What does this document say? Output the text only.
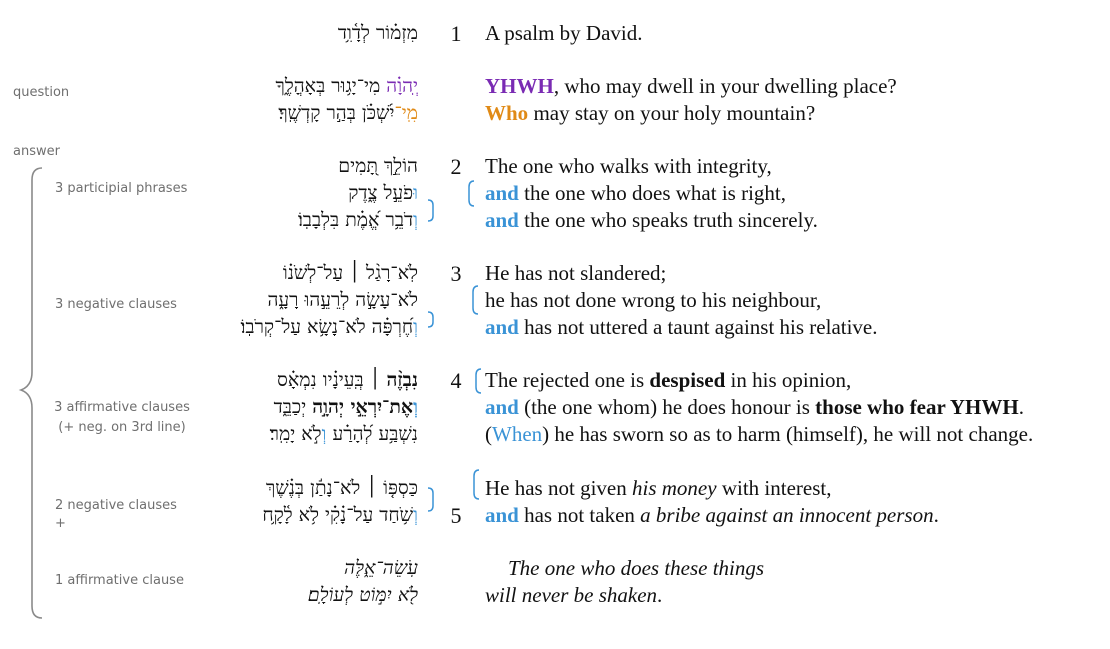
question
answer
3 participial phrases
3 negative clauses
3 affirmative clauses
(+ neg. on 3rd line)
2 negative clauses
+
1 affirmative clause
מִזְמ֗וֹר לְדָ֫וִ֥ד 1 A psalm by David.
יְֽהוָ֗ה מִי־יָג֥וּר בְּאָהֳלֶ֑ךָ
מִֽי־יִ֝שְׁכֹּ֗ן בְּהַ֣ר קָדְשֶֽׁךָ׃
YHWH, who may dwell in your dwelling place?
Who may stay on your holy mountain?
הוֹלֵ֣ךְ תָּ֭מִים
וּפֹעֵ֣ל צֶ֑דֶק
וְדֹבֵ֥ר אֱ֝מֶ֗ת בִּלְבָבֽוֹ׃
2 The one who walks with integrity,
and the one who does what is right,
and the one who speaks truth sincerely.
לֹֽא־רָגַ֨ל ׀ עַל־לְשֹׁנ֗וֹ
לֹא־עָשָׂ֣ה לְרֵעֵ֣הוּ רָעָ֑ה
וְחֶ֝רְפָּ֗ה לֹא־נָשָׂ֥א עַל־קְרֹבֽוֹ׃
3 He has not slandered;
he has not done wrong to his neighbour,
and has not uttered a taunt against his relative.
נִבְזֶ֨ה ׀ בְּֽעֵינָ֗יו נִמְאָ֗ס
וְאֶת־יִרְאֵ֣י יְהוָ֣ה יְכַבֵּ֑ד
נִשְׁבַּ֥ע לְ֝הָרַ֗ע וְלֹ֣א יָמִֽר׃
4 The rejected one is despised in his opinion,
and (the one whom) he does honour is those who fear YHWH.
(When) he has sworn so as to harm (himself), he will not change.
כַּסְפּ֤וֹ ׀ לֹא־נָתַ֬ן בְּנֶ֗שֶׁךְ
וְשֹׁ֥חַד עַל־נָ֗קִ֗י לֹ֥א לָ֫קָ֥ח 5
He has not given his money with interest,
and has not taken a bribe against an innocent person.
עֹֽשֵׂה־אֵ֑לֶּה
לֹ֖א יִמּ֣וֹט לְעוֹלָֽם׃
The one who does these things
will never be shaken.
